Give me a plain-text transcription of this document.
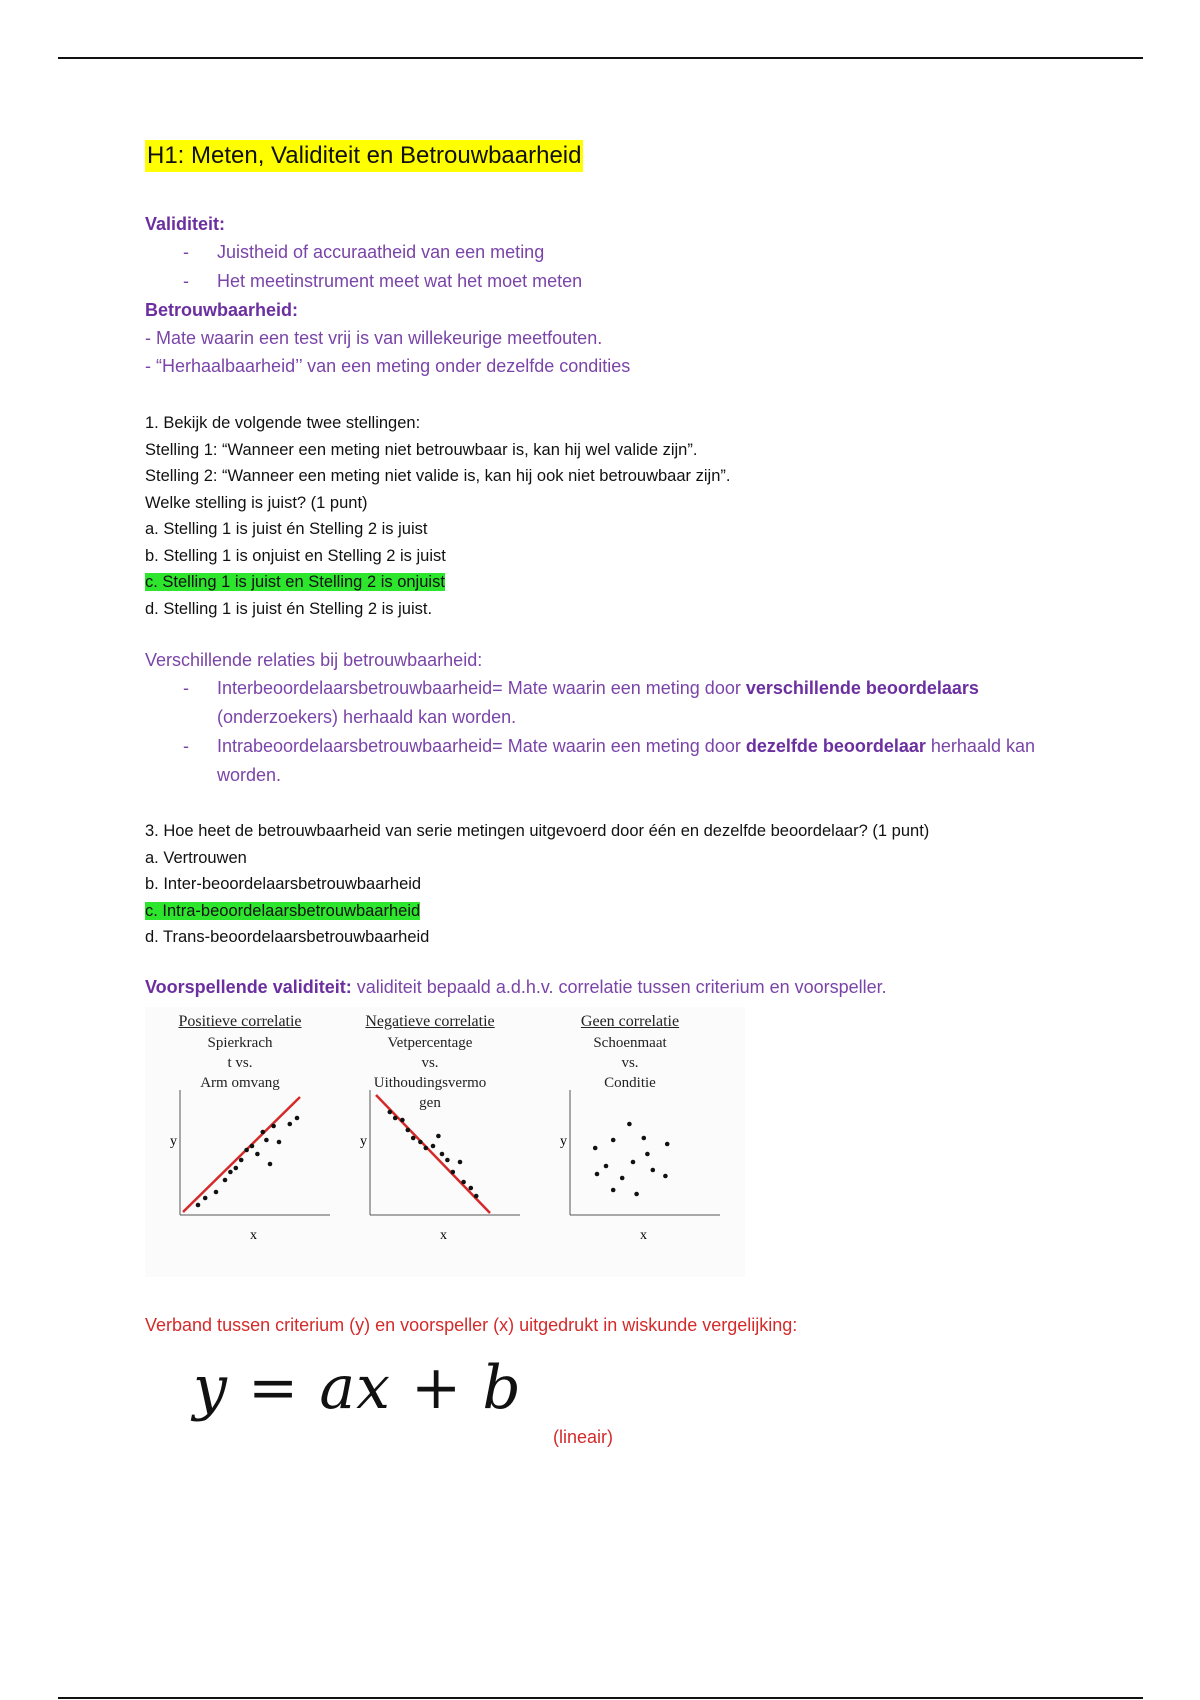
H1: Meten, Validiteit en Betrouwbaarheid

Validiteit:

-	Juistheid of accuraatheid van een meting
-	Het meetinstrument meet wat het moet meten

Betrouwbaarheid:

- Mate waarin een test vrij is van willekeurige meetfouten.

- “Herhaalbaarheid’’ van een meting onder dezelfde condities

1. Bekijk de volgende twee stellingen:

Stelling 1: “Wanneer een meting niet betrouwbaar is, kan hij wel valide zijn”.

Stelling 2: “Wanneer een meting niet valide is, kan hij ook niet betrouwbaar zijn”.

Welke stelling is juist? (1 punt)

a. Stelling 1 is juist én Stelling 2 is juist

b. Stelling 1 is onjuist en Stelling 2 is juist

c. Stelling 1 is juist en Stelling 2 is onjuist

d. Stelling 1 is juist én Stelling 2 is juist.

Verschillende relaties bij betrouwbaarheid:

-	Interbeoordelaarsbetrouwbaarheid= Mate waarin een meting door verschillende beoordelaars (onderzoekers) herhaald kan worden.
-	Intrabeoordelaarsbetrouwbaarheid= Mate waarin een meting door dezelfde beoordelaar herhaald kan worden.

3. Hoe heet de betrouwbaarheid van serie metingen uitgevoerd door één en dezelfde beoordelaar? (1 punt)

a. Vertrouwen

b. Inter-beoordelaarsbetrouwbaarheid

c. Intra-beoordelaarsbetrouwbaarheid

d. Trans-beoordelaarsbetrouwbaarheid

Voorspellende validiteit: validiteit bepaald a.d.h.v. correlatie tussen criterium en voorspeller.

Positieve correlatie
Spierkrach
t vs.
Arm omvang
y
x
Negatieve correlatie
Vetpercentage
vs.
Uithoudingsvermo
gen
y
x
Geen correlatie
Schoenmaat
vs.
Conditie
y
x

Verband tussen criterium (y) en voorspeller (x) uitgedrukt in wiskunde vergelijking:

y = ax + b
(lineair)
